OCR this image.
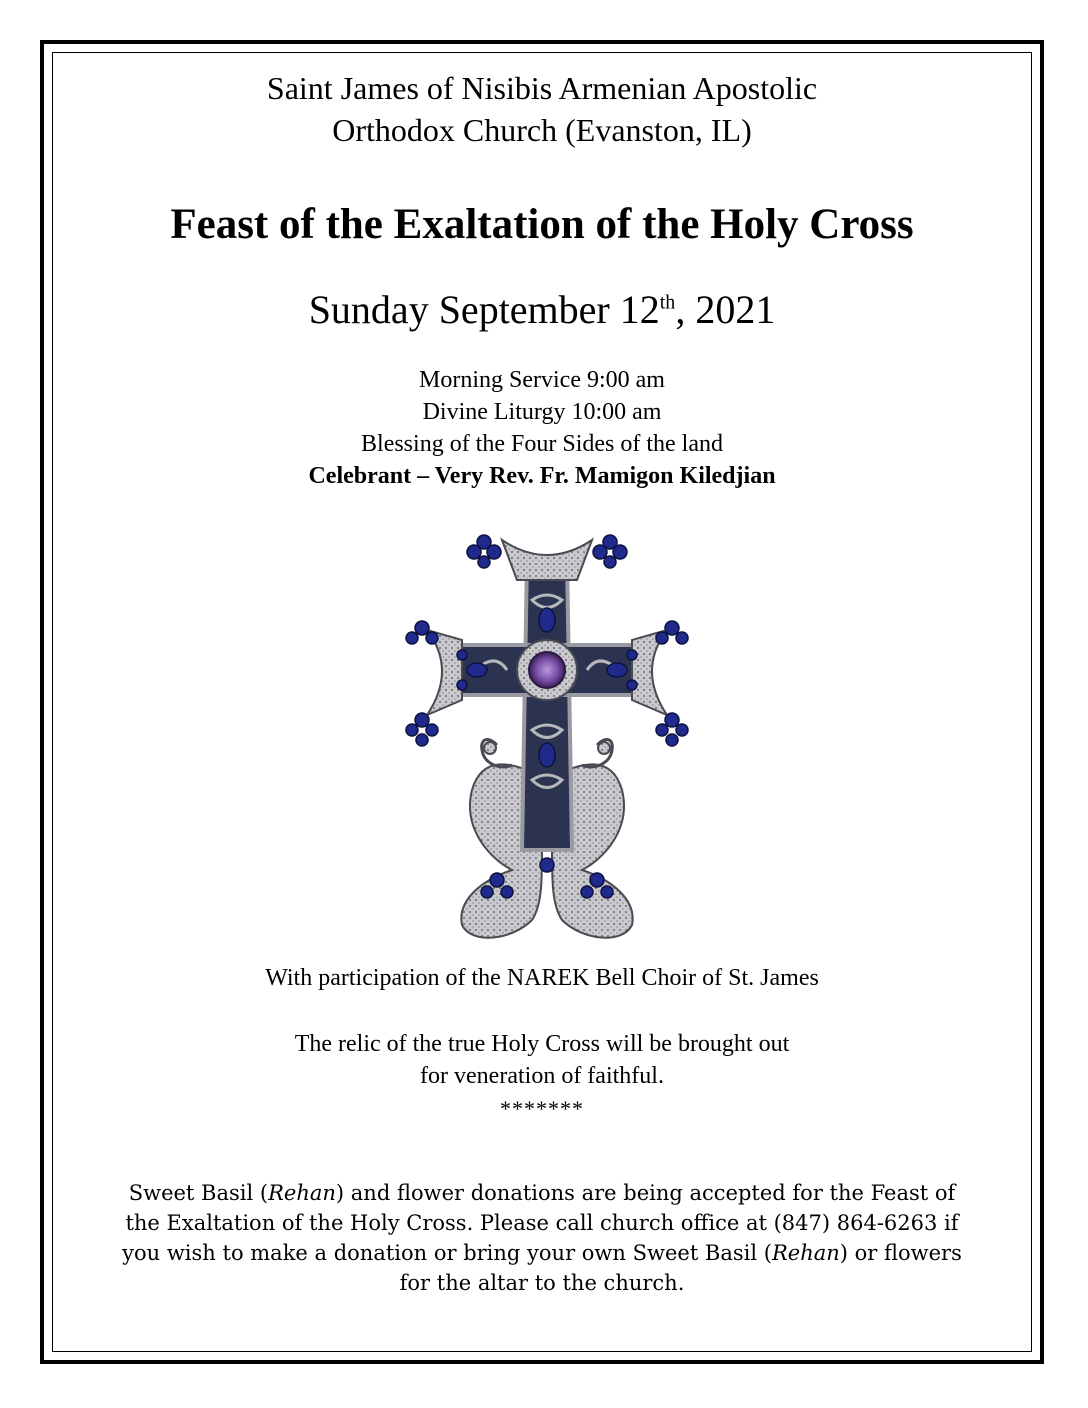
Saint James of Nisibis Armenian Apostolic
Orthodox Church (Evanston, IL)
Feast of the Exaltation of the Holy Cross
Sunday September 12th, 2021
Morning Service 9:00 am
Divine Liturgy 10:00 am
Blessing of the Four Sides of the land
Celebrant – Very Rev. Fr. Mamigon Kiledjian
With participation of the NAREK Bell Choir of St. James
The relic of the true Holy Cross will be brought out
for veneration of faithful.
*******
Sweet Basil (Rehan) and flower donations are being accepted for the Feast of
the Exaltation of the Holy Cross. Please call church office at (847) 864-6263 if
you wish to make a donation or bring your own Sweet Basil (Rehan) or flowers
for the altar to the church.
